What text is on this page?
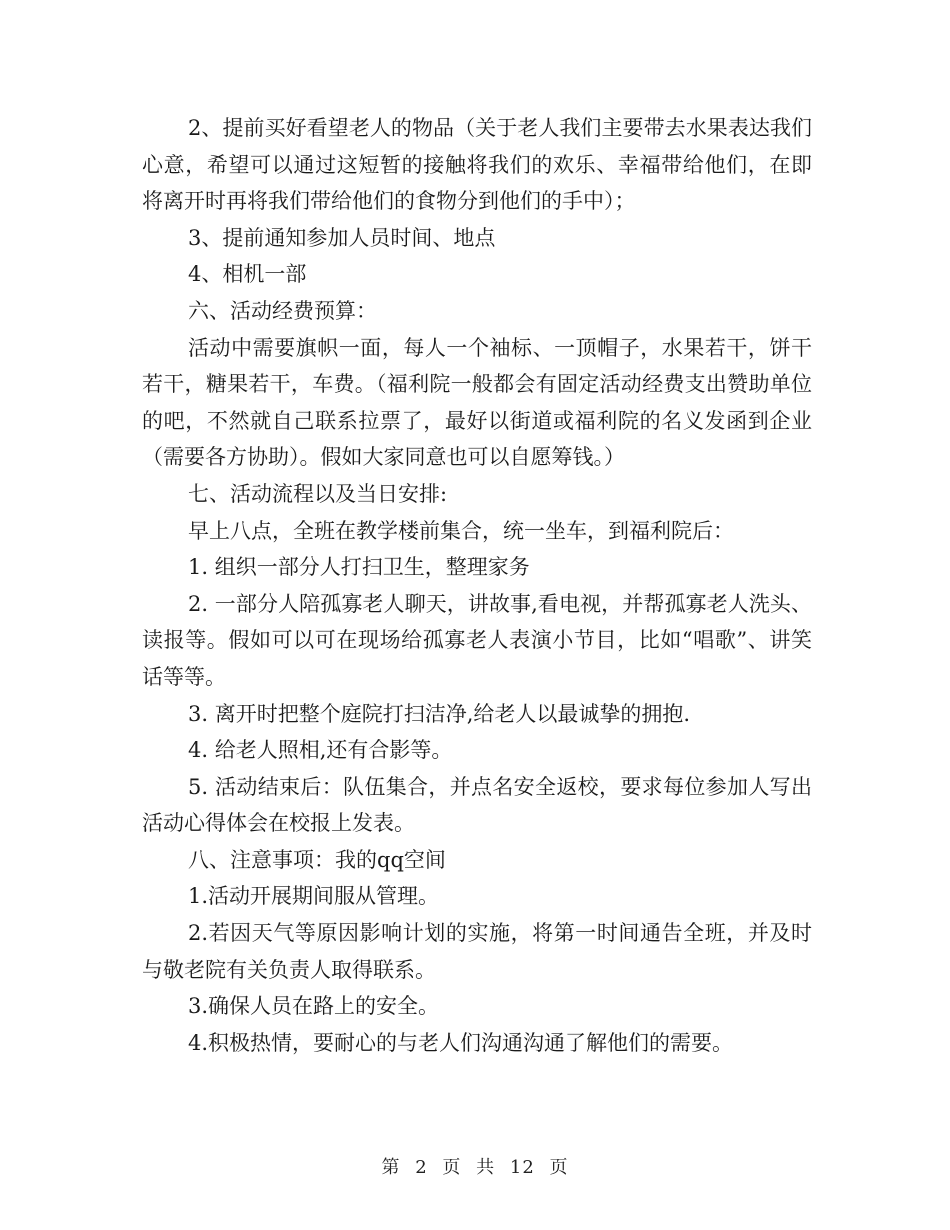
2、提前买好看望老人的物品（关于老人我们主要带去水果表达我们心意，希望可以通过这短暂的接触将我们的欢乐、幸福带给他们，在即将离开时再将我们带给他们的食物分到他们的手中）；

3、提前通知参加人员时间、地点

4、相机一部

六、活动经费预算：

活动中需要旗帜一面，每人一个袖标、一顶帽子，水果若干，饼干若干，糖果若干，车费。（福利院一般都会有固定活动经费支出赞助单位的吧，不然就自己联系拉票了，最好以街道或福利院的名义发函到企业（需要各方协助）。假如大家同意也可以自愿筹钱。）

七、活动流程以及当日安排:

早上八点，全班在教学楼前集合，统一坐车，到福利院后：

1. 组织一部分人打扫卫生，整理家务

2. 一部分人陪孤寡老人聊天，讲故事,看电视，并帮孤寡老人洗头、读报等。假如可以可在现场给孤寡老人表演小节目，比如“唱歌”、讲笑话等等。

3. 离开时把整个庭院打扫洁净,给老人以最诚挚的拥抱.

4. 给老人照相,还有合影等。

5. 活动结束后：队伍集合，并点名安全返校，要求每位参加人写出活动心得体会在校报上发表。

八、注意事项：我的qq空间

1.活动开展期间服从管理。

2.若因天气等原因影响计划的实施，将第一时间通告全班，并及时与敬老院有关负责人取得联系。

3.确保人员在路上的安全。

4.积极热情，要耐心的与老人们沟通沟通了解他们的需要。

第 2 页 共 12 页
